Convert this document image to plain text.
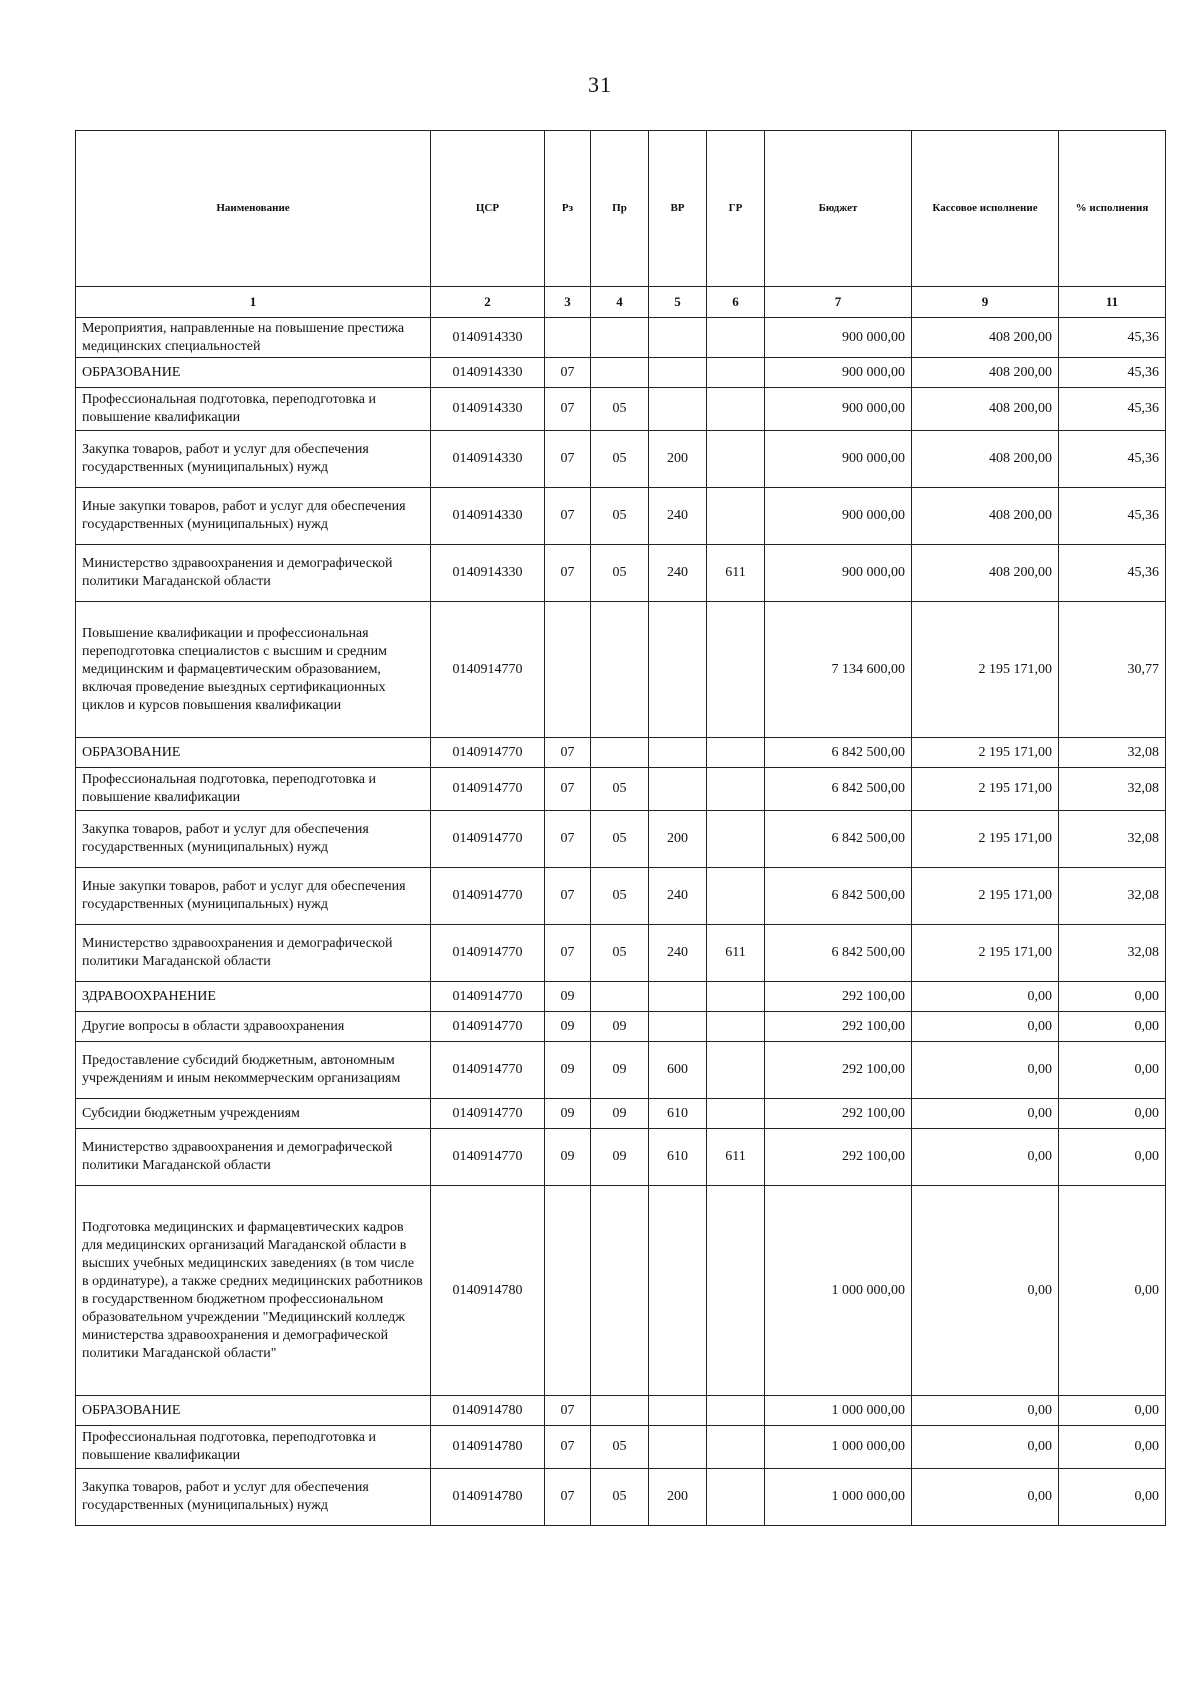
31
Наименование	ЦСР	Рз	Пр	ВР	ГР	Бюджет	Кассовое исполнение	% исполнения
1	2	3	4	5	6	7	9	11
Мероприятия, направленные на повышение престижа медицинских специальностей	0140914330					900 000,00	408 200,00	45,36
ОБРАЗОВАНИЕ	0140914330	07				900 000,00	408 200,00	45,36
Профессиональная подготовка, переподготовка и повышение квалификации	0140914330	07	05			900 000,00	408 200,00	45,36
Закупка товаров, работ и услуг для обеспечения государственных (муниципальных) нужд	0140914330	07	05	200		900 000,00	408 200,00	45,36
Иные закупки товаров, работ и услуг для обеспечения государственных (муниципальных) нужд	0140914330	07	05	240		900 000,00	408 200,00	45,36
Министерство здравоохранения и демографической политики Магаданской области	0140914330	07	05	240	611	900 000,00	408 200,00	45,36
Повышение квалификации и профессиональная переподготовка специалистов с высшим и средним медицинским и фармацевтическим образованием, включая проведение выездных сертификационных циклов и курсов повышения квалификации	0140914770					7 134 600,00	2 195 171,00	30,77
ОБРАЗОВАНИЕ	0140914770	07				6 842 500,00	2 195 171,00	32,08
Профессиональная подготовка, переподготовка и повышение квалификации	0140914770	07	05			6 842 500,00	2 195 171,00	32,08
Закупка товаров, работ и услуг для обеспечения государственных (муниципальных) нужд	0140914770	07	05	200		6 842 500,00	2 195 171,00	32,08
Иные закупки товаров, работ и услуг для обеспечения государственных (муниципальных) нужд	0140914770	07	05	240		6 842 500,00	2 195 171,00	32,08
Министерство здравоохранения и демографической политики Магаданской области	0140914770	07	05	240	611	6 842 500,00	2 195 171,00	32,08
ЗДРАВООХРАНЕНИЕ	0140914770	09				292 100,00	0,00	0,00
Другие вопросы в области здравоохранения	0140914770	09	09			292 100,00	0,00	0,00
Предоставление субсидий бюджетным, автономным учреждениям и иным некоммерческим организациям	0140914770	09	09	600		292 100,00	0,00	0,00
Субсидии бюджетным учреждениям	0140914770	09	09	610		292 100,00	0,00	0,00
Министерство здравоохранения и демографической политики Магаданской области	0140914770	09	09	610	611	292 100,00	0,00	0,00
Подготовка медицинских и фармацевтических кадров для медицинских организаций Магаданской области в высших учебных медицинских заведениях (в том числе в ординатуре), а также средних медицинских работников в государственном бюджетном профессиональном образовательном учреждении "Медицинский колледж министерства здравоохранения и демографической политики Магаданской области"	0140914780					1 000 000,00	0,00	0,00
ОБРАЗОВАНИЕ	0140914780	07				1 000 000,00	0,00	0,00
Профессиональная подготовка, переподготовка и повышение квалификации	0140914780	07	05			1 000 000,00	0,00	0,00
Закупка товаров, работ и услуг для обеспечения государственных (муниципальных) нужд	0140914780	07	05	200		1 000 000,00	0,00	0,00
